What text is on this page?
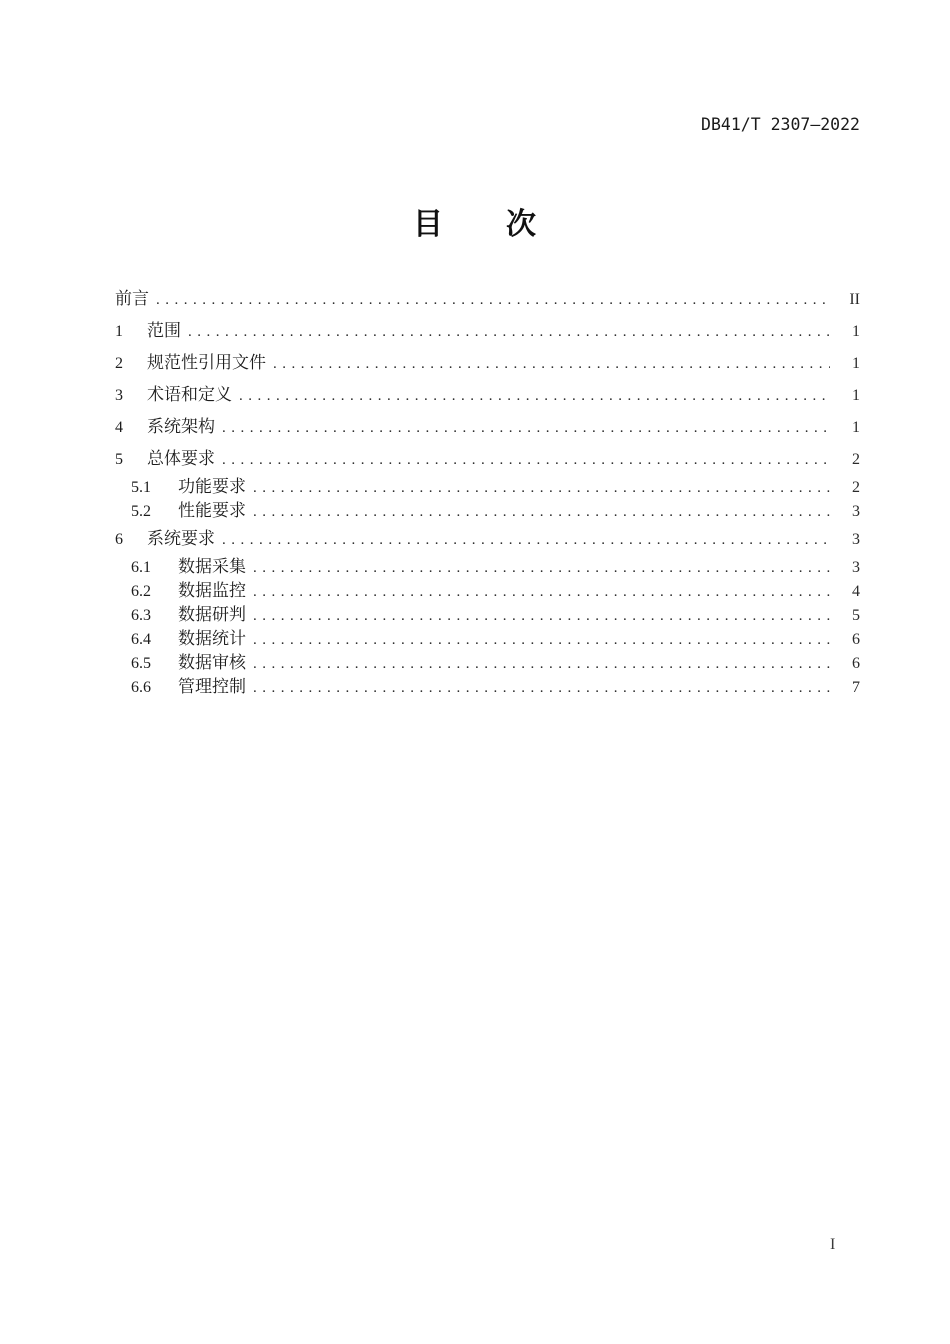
DB41/T 2307—2022
目　　次
前言 .....	II
1	范围 .....	1
2	规范性引用文件 .....	1
3	术语和定义 .....	1
4	系统架构 .....	1
5	总体要求 .....	2
5.1	功能要求 .....	2
5.2	性能要求 .....	3
6	系统要求 .....	3
6.1	数据采集 .....	3
6.2	数据监控 .....	4
6.3	数据研判 .....	5
6.4	数据统计 .....	6
6.5	数据审核 .....	6
6.6	管理控制 .....	7
I
